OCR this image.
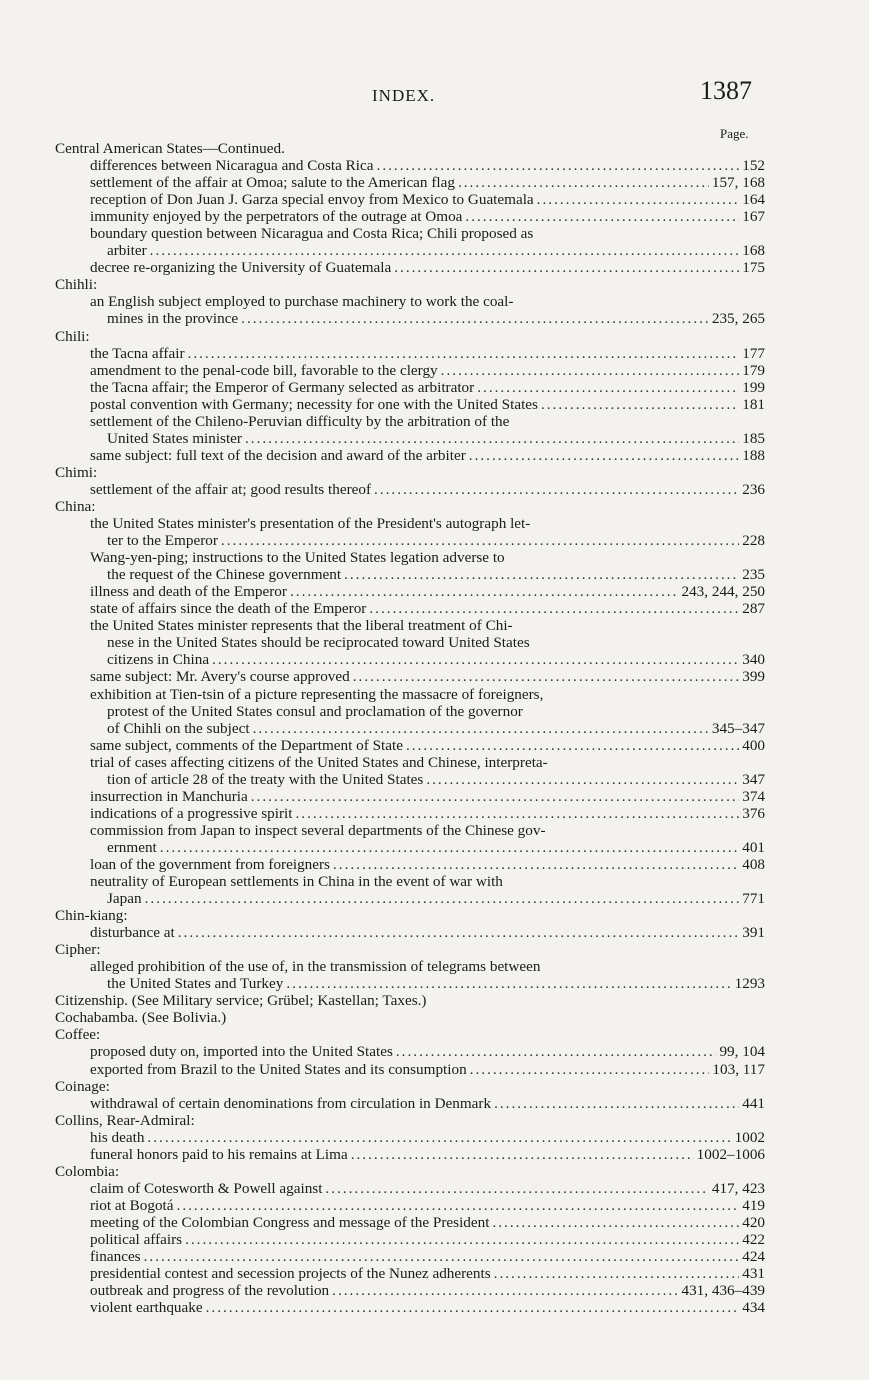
INDEX.	1387
Page.
Central American States—Continued.
differences between Nicaragua and Costa Rica .....	152
settlement of the affair at Omoa; salute to the American flag .....	157, 168
reception of Don Juan J. Garza special envoy from Mexico to Guatemala .....	164
immunity enjoyed by the perpetrators of the outrage at Omoa .....	167
boundary question between Nicaragua and Costa Rica; Chili proposed as
arbiter .....	168
decree re-organizing the University of Guatemala .....	175
Chihli:
an English subject employed to purchase machinery to work the coal-
mines in the province .....	235, 265
Chili:
the Tacna affair .....	177
amendment to the penal-code bill, favorable to the clergy .....	179
the Tacna affair; the Emperor of Germany selected as arbitrator .....	199
postal convention with Germany; necessity for one with the United States .....	181
settlement of the Chileno-Peruvian difficulty by the arbitration of the
United States minister .....	185
same subject: full text of the decision and award of the arbiter .....	188
Chimi:
settlement of the affair at; good results thereof .....	236
China:
the United States minister's presentation of the President's autograph let-
ter to the Emperor .....	228
Wang-yen-ping; instructions to the United States legation adverse to
the request of the Chinese government .....	235
illness and death of the Emperor .....	243, 244, 250
state of affairs since the death of the Emperor .....	287
the United States minister represents that the liberal treatment of Chi-
nese in the United States should be reciprocated toward United States
citizens in China .....	340
same subject: Mr. Avery's course approved .....	399
exhibition at Tien-tsin of a picture representing the massacre of foreigners,
protest of the United States consul and proclamation of the governor
of Chihli on the subject .....	345–347
same subject, comments of the Department of State .....	400
trial of cases affecting citizens of the United States and Chinese, interpreta-
tion of article 28 of the treaty with the United States .....	347
insurrection in Manchuria .....	374
indications of a progressive spirit .....	376
commission from Japan to inspect several departments of the Chinese gov-
ernment .....	401
loan of the government from foreigners .....	408
neutrality of European settlements in China in the event of war with
Japan .....	771
Chin-kiang:
disturbance at .....	391
Cipher:
alleged prohibition of the use of, in the transmission of telegrams between
the United States and Turkey .....	1293
Citizenship. (See Military service; Grübel; Kastellan; Taxes.)
Cochabamba. (See Bolivia.)
Coffee:
proposed duty on, imported into the United States .....	99, 104
exported from Brazil to the United States and its consumption .....	103, 117
Coinage:
withdrawal of certain denominations from circulation in Denmark .....	441
Collins, Rear-Admiral:
his death .....	1002
funeral honors paid to his remains at Lima .....	1002–1006
Colombia:
claim of Cotesworth & Powell against .....	417, 423
riot at Bogotá .....	419
meeting of the Colombian Congress and message of the President .....	420
political affairs .....	422
finances .....	424
presidential contest and secession projects of the Nunez adherents .....	431
outbreak and progress of the revolution .....	431, 436–439
violent earthquake .....	434
